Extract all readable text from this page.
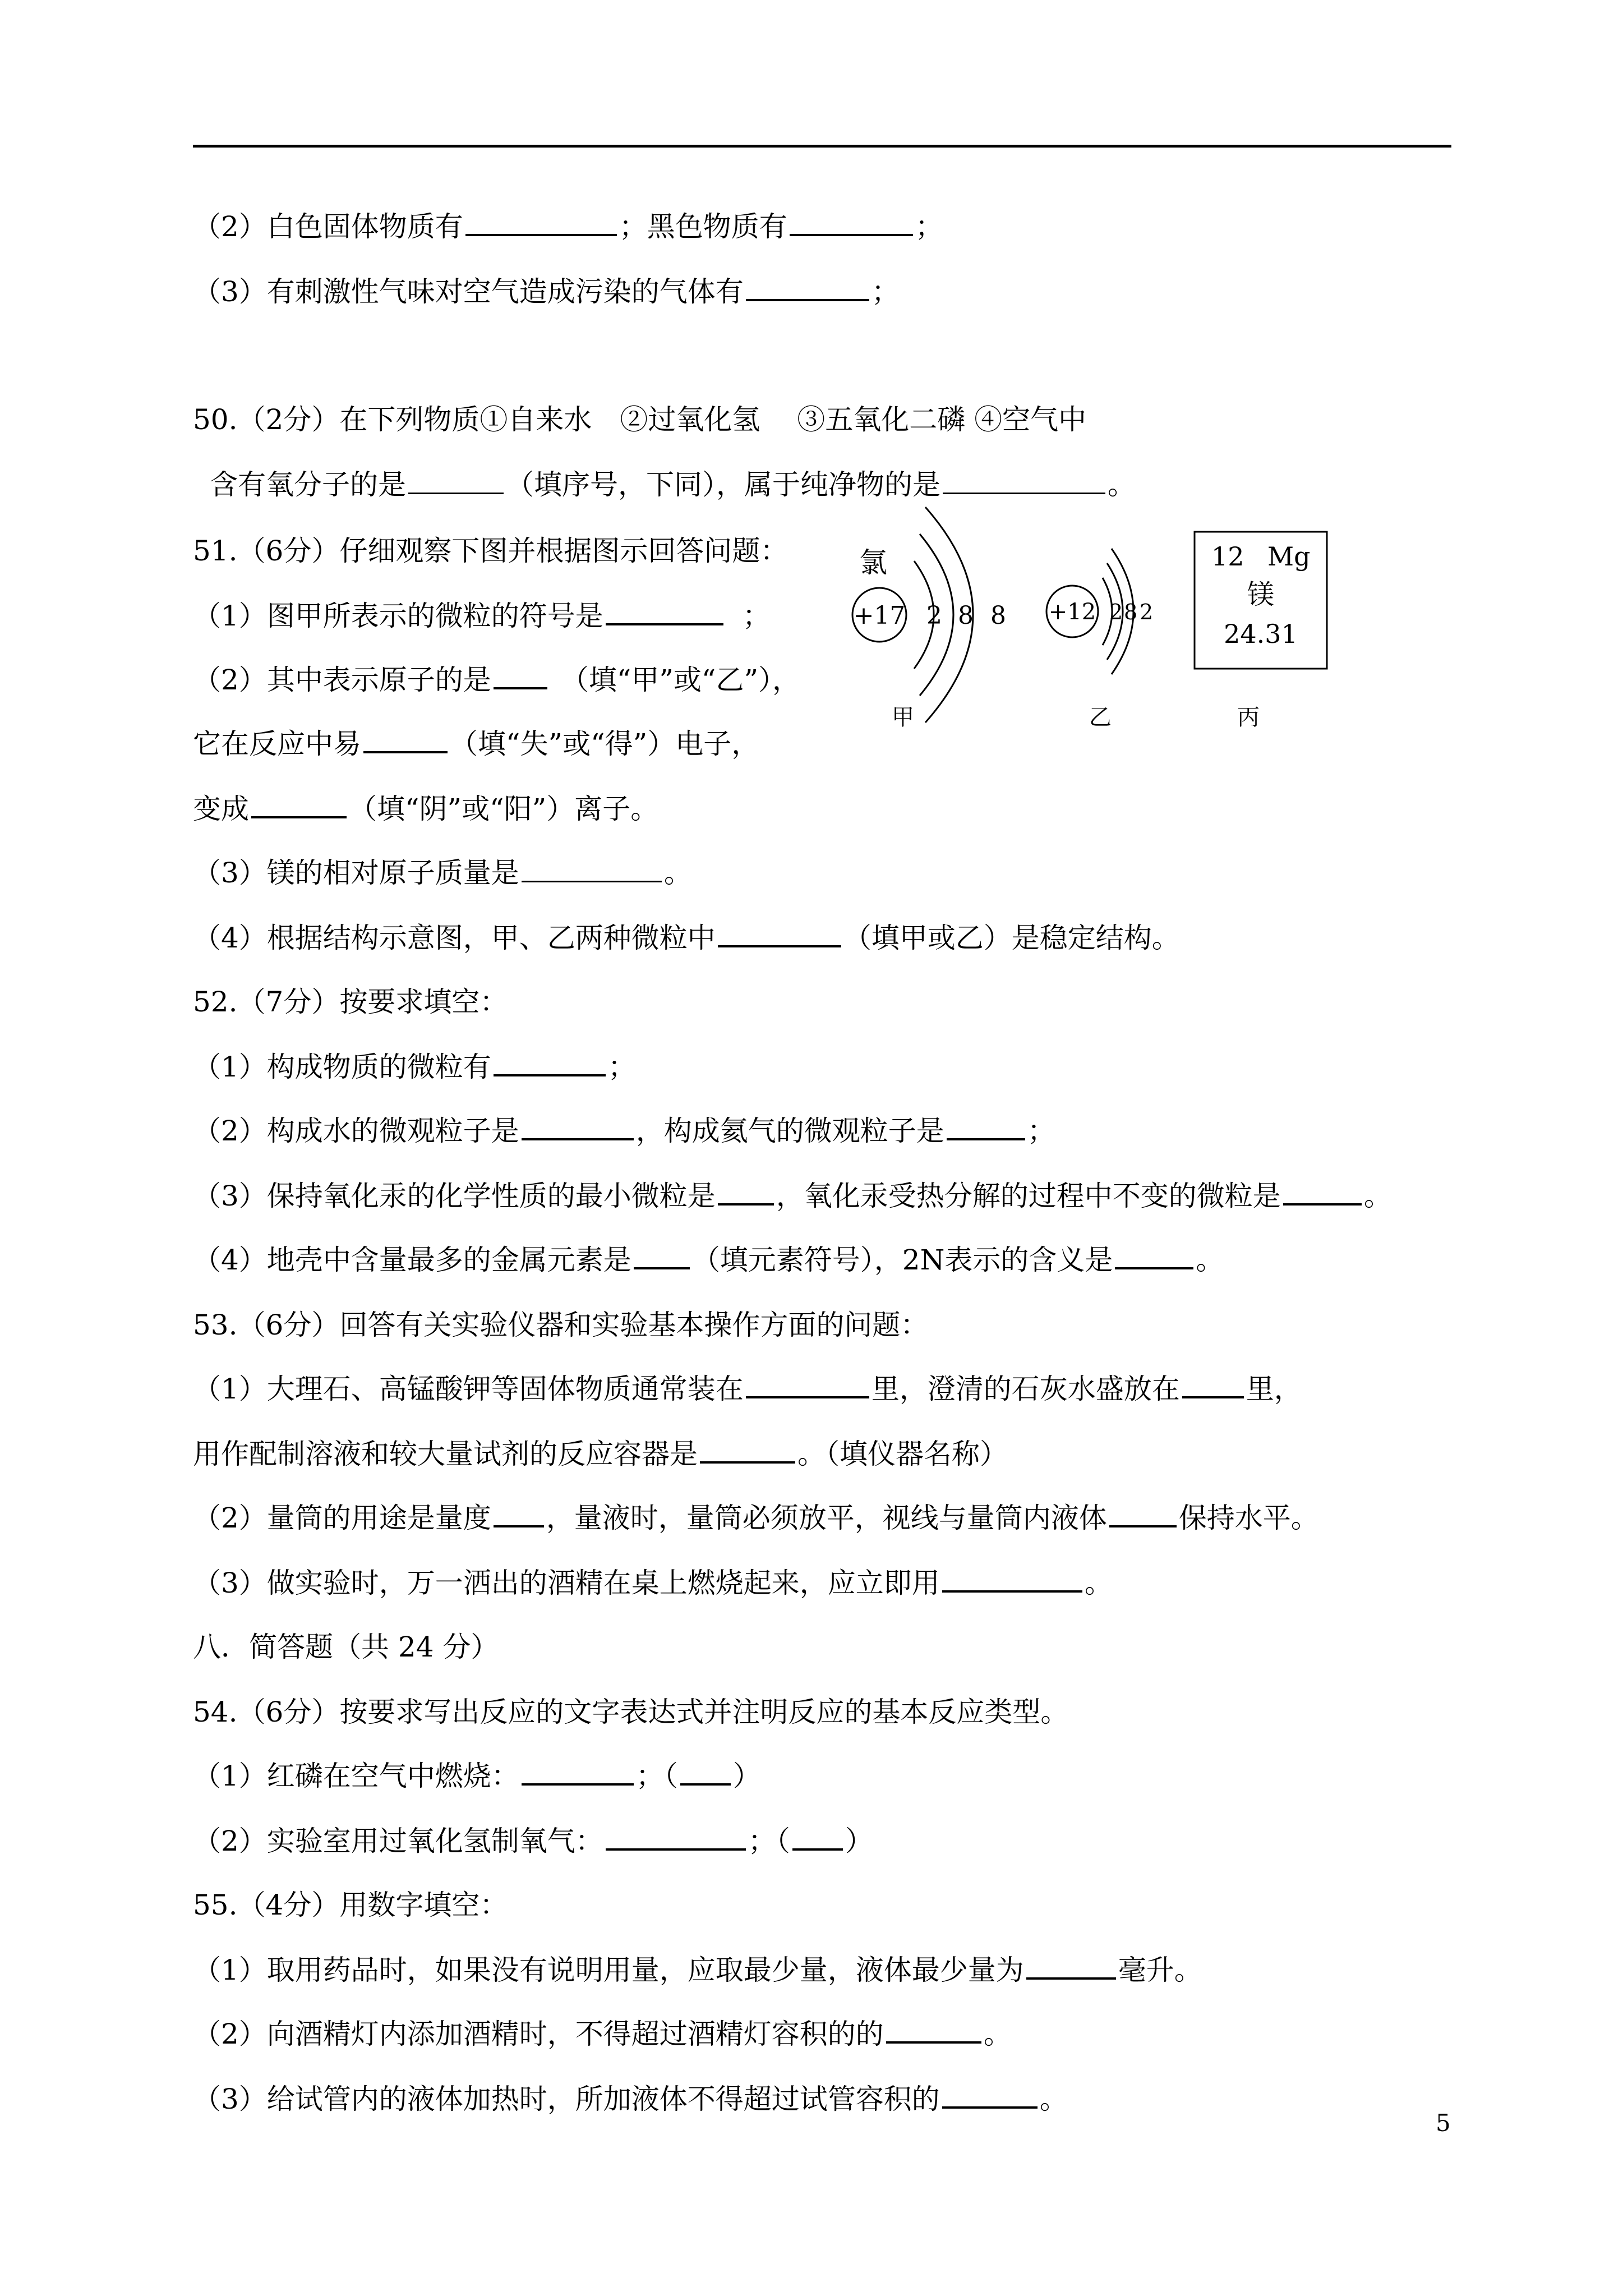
（2）白色固体物质有	；黑色物质有	；
（3）有刺激性气味对空气造成污染的气体有	；
50.（2分）在下列物质①自来水　②过氧化氢　 ③五氧化二磷 ④空气中
含有氧分子的是	（填序号，下同），属于纯净物的是	。
51.（6分）仔细观察下图并根据图示回答问题：
（1）图甲所表示的微粒的符号是	；
（2）其中表示原子的是 （填“甲”或“乙”），
它在反应中易	（填“失”或“得”）电子，
变成	（填“阴”或“阳”）离子。
（3）镁的相对原子质量是	。
（4）根据结构示意图，甲、乙两种微粒中	（填甲或乙）是稳定结构。
氯
+17 2 8 8
甲
+12 2 8 2
乙
12 Mg
镁
24.31
丙
52.（7分）按要求填空：
（1）构成物质的微粒有	；
（2）构成水的微观粒子是	，构成氦气的微观粒子是	；
（3）保持氧化汞的化学性质的最小微粒是 ，氧化汞受热分解的过程中不变的微粒是	。
（4）地壳中含量最多的金属元素是 （填元素符号），2N表示的含义是	。
53.（6分）回答有关实验仪器和实验基本操作方面的问题：
（1）大理石、高锰酸钾等固体物质通常装在	里，澄清的石灰水盛放在 里，
用作配制溶液和较大量试剂的反应容器是	。（填仪器名称）
（2）量筒的用途是量度 ，量液时，量筒必须放平，视线与量筒内液体	保持水平。
（3）做实验时，万一洒出的酒精在桌上燃烧起来，应立即用	。
八．简答题（共 24 分）
54.（6分）按要求写出反应的文字表达式并注明反应的基本反应类型。
（1）红磷在空气中燃烧：	；（ ）
（2）实验室用过氧化氢制氧气：	；（ ）
55.（4分）用数字填空：
（1）取用药品时，如果没有说明用量，应取最少量，液体最少量为	毫升。
（2）向酒精灯内添加酒精时，不得超过酒精灯容积的的	。
（3）给试管内的液体加热时，所加液体不得超过试管容积的	。
5
